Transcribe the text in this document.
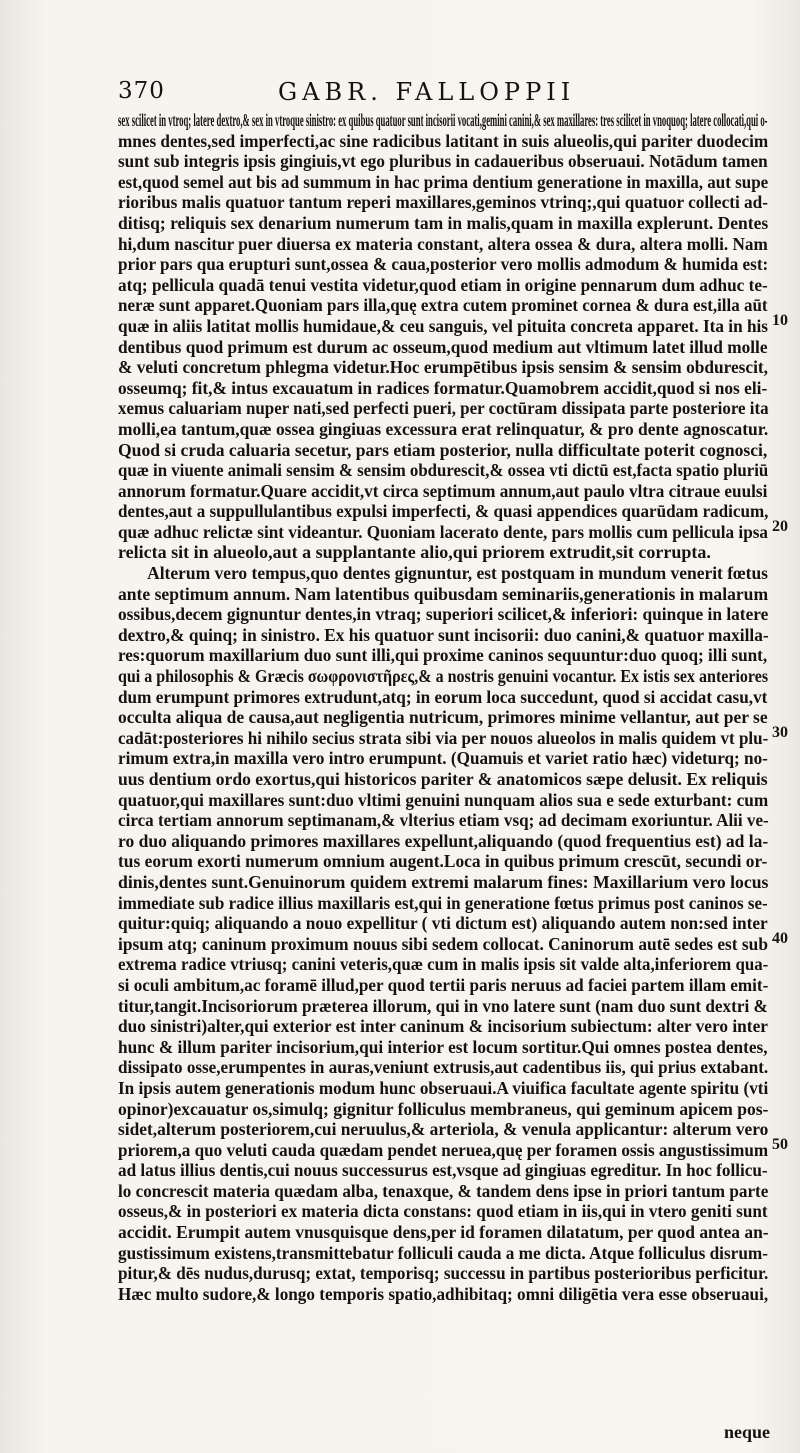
370	GABR. FALLOPPII
sex scilicet in vtroq; latere dextro,& sex in vtroque sinistro: ex quibus quatuor sunt incisorii vocati,gemini canini,& sex maxillares: tres scilicet in vnoquoq; latere collocati,qui o-
mnes dentes,sed imperfecti,ac sine radicibus latitant in suis alueolis,qui pariter duodecim
sunt sub integris ipsis gingiuis,vt ego pluribus in cadaueribus obseruaui. Notādum tamen
est,quod semel aut bis ad summum in hac prima dentium generatione in maxilla, aut supe
rioribus malis quatuor tantum reperi maxillares,geminos vtrinq;,qui quatuor collecti ad-
ditisq; reliquis sex denarium numerum tam in malis,quam in maxilla explerunt. Dentes
hi,dum nascitur puer diuersa ex materia constant, altera ossea & dura, altera molli. Nam
prior pars qua erupturi sunt,ossea & caua,posterior vero mollis admodum & humida est:
atq; pellicula quadā tenui vestita videtur,quod etiam in origine pennarum dum adhuc te-
neræ sunt apparet.Quoniam pars illa,quę extra cutem prominet cornea & dura est,illa aūt
quæ in aliis latitat mollis humidaue,& ceu sanguis, vel pituita concreta apparet. Ita in his
dentibus quod primum est durum ac osseum,quod medium aut vltimum latet illud molle
& veluti concretum phlegma videtur.Hoc erumpētibus ipsis sensim & sensim obdurescit,
osseumq; fit,& intus excauatum in radices formatur.Quamobrem accidit,quod si nos eli-
xemus caluariam nuper nati,sed perfecti pueri, per coctūram dissipata parte posteriore ita
molli,ea tantum,quæ ossea gingiuas excessura erat relinquatur, & pro dente agnoscatur.
Quod si cruda caluaria secetur, pars etiam posterior, nulla difficultate poterit cognosci,
quæ in viuente animali sensim & sensim obdurescit,& ossea vti dictū est,facta spatio pluriū
annorum formatur.Quare accidit,vt circa septimum annum,aut paulo vltra citraue euulsi
dentes,aut a suppullulantibus expulsi imperfecti, & quasi appendices quarūdam radicum,
quæ adhuc relictæ sint videantur. Quoniam lacerato dente, pars mollis cum pellicula ipsa
relicta sit in alueolo,aut a supplantante alio,qui priorem extrudit,sit corrupta.
Alterum vero tempus,quo dentes gignuntur, est postquam in mundum venerit fœtus
ante septimum annum. Nam latentibus quibusdam seminariis,generationis in malarum
ossibus,decem gignuntur dentes,in vtraq; superiori scilicet,& inferiori: quinque in latere
dextro,& quinq; in sinistro. Ex his quatuor sunt incisorii: duo canini,& quatuor maxilla-
res:quorum maxillarium duo sunt illi,qui proxime caninos sequuntur:duo quoq; illi sunt,
qui a philosophis & Græcis σωφρονιστῆρες,& a nostris genuini vocantur. Ex istis sex anteriores
dum erumpunt primores extrudunt,atq; in eorum loca succedunt, quod si accidat casu,vt
occulta aliqua de causa,aut negligentia nutricum, primores minime vellantur, aut per se
cadāt:posteriores hi nihilo secius strata sibi via per nouos alueolos in malis quidem vt plu-
rimum extra,in maxilla vero intro erumpunt. (Quamuis et variet ratio hæc) videturq; no-
uus dentium ordo exortus,qui historicos pariter & anatomicos sæpe delusit. Ex reliquis
quatuor,qui maxillares sunt:duo vltimi genuini nunquam alios sua e sede exturbant: cum
circa tertiam annorum septimanam,& vlterius etiam vsq; ad decimam exoriuntur. Alii ve-
ro duo aliquando primores maxillares expellunt,aliquando (quod frequentius est) ad la-
tus eorum exorti numerum omnium augent.Loca in quibus primum crescūt, secundi or-
dinis,dentes sunt.Genuinorum quidem extremi malarum fines: Maxillarium vero locus
immediate sub radice illius maxillaris est,qui in generatione fœtus primus post caninos se-
quitur:quiq; aliquando a nouo expellitur ( vti dictum est) aliquando autem non:sed inter
ipsum atq; caninum proximum nouus sibi sedem collocat. Caninorum autē sedes est sub
extrema radice vtriusq; canini veteris,quæ cum in malis ipsis sit valde alta,inferiorem qua-
si oculi ambitum,ac foramē illud,per quod tertii paris neruus ad faciei partem illam emit-
titur,tangit.Incisoriorum præterea illorum, qui in vno latere sunt (nam duo sunt dextri &
duo sinistri)alter,qui exterior est inter caninum & incisorium subiectum: alter vero inter
hunc & illum pariter incisorium,qui interior est locum sortitur.Qui omnes postea dentes,
dissipato osse,erumpentes in auras,veniunt extrusis,aut cadentibus iis, qui prius extabant.
In ipsis autem generationis modum hunc obseruaui.A viuifica facultate agente spiritu (vti
opinor)excauatur os,simulq; gignitur folliculus membraneus, qui geminum apicem pos-
sidet,alterum posteriorem,cui neruulus,& arteriola, & venula applicantur: alterum vero
priorem,a quo veluti cauda quædam pendet neruea,quę per foramen ossis angustissimum
ad latus illius dentis,cui nouus successurus est,vsque ad gingiuas egreditur. In hoc follicu-
lo concrescit materia quædam alba, tenaxque, & tandem dens ipse in priori tantum parte
osseus,& in posteriori ex materia dicta constans: quod etiam in iis,qui in vtero geniti sunt
accidit. Erumpit autem vnusquisque dens,per id foramen dilatatum, per quod antea an-
gustissimum existens,transmittebatur folliculi cauda a me dicta. Atque folliculus disrum-
pitur,& dēs nudus,durusq; extat, temporisq; successu in partibus posterioribus perficitur.
Hæc multo sudore,& longo temporis spatio,adhibitaq; omni diligētia vera esse obseruaui,
10
20
30
40
50
neque
